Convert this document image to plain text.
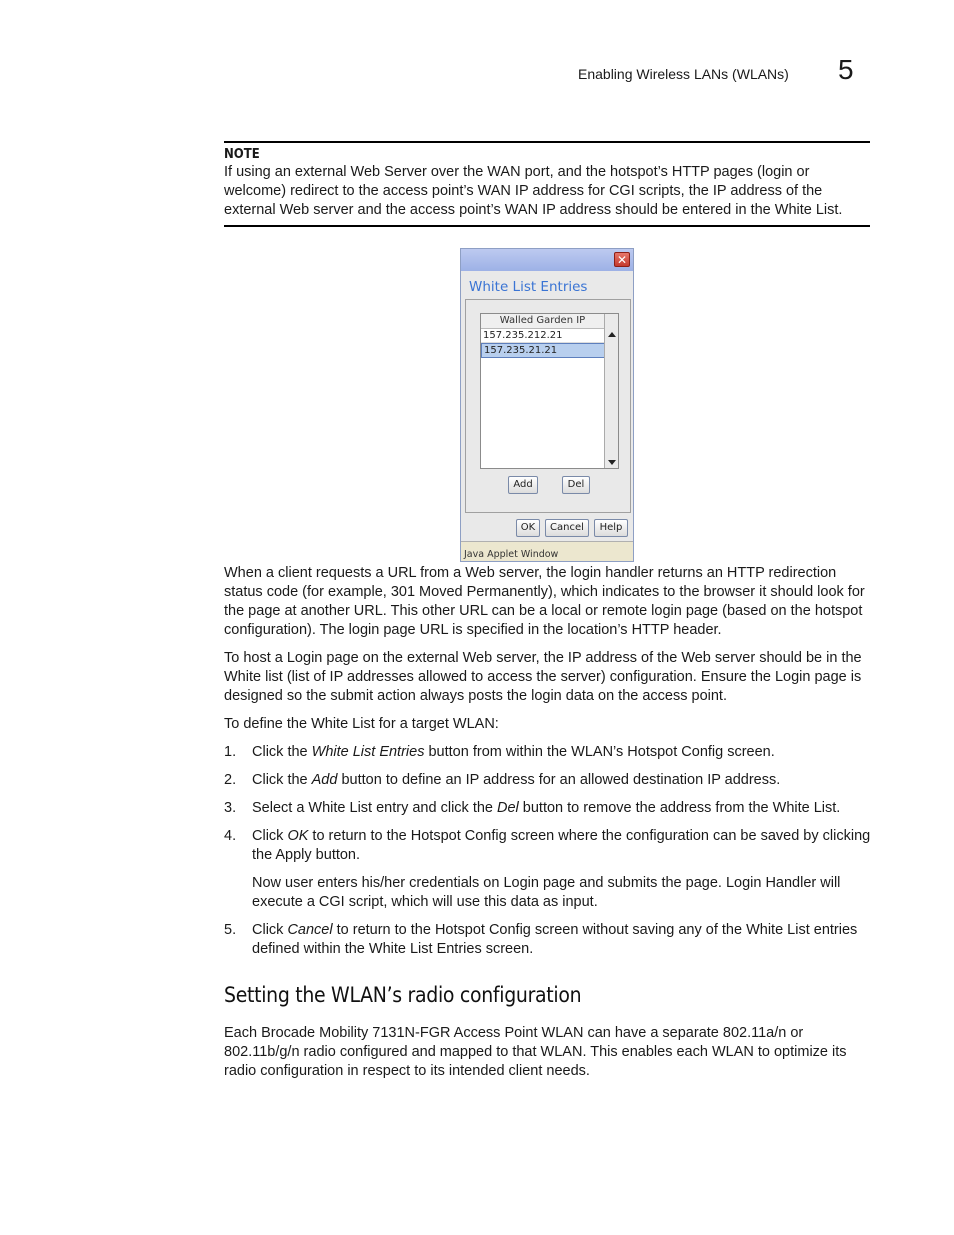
Enabling Wireless LANs (WLANs) 5
NOTE
If using an external Web Server over the WAN port, and the hotspot’s HTTP pages (login or welcome) redirect to the access point’s WAN IP address for CGI scripts, the IP address of the external Web server and the access point’s WAN IP address should be entered in the White List.
✕
White List Entries
Walled Garden IP
157.235.212.21
157.235.21.21
Add	Del
OK	Cancel	Help
Java Applet Window

When a client requests a URL from a Web server, the login handler returns an HTTP redirection status code (for example, 301 Moved Permanently), which indicates to the browser it should look for the page at another URL. This other URL can be a local or remote login page (based on the hotspot configuration). The login page URL is specified in the location’s HTTP header.

To host a Login page on the external Web server, the IP address of the Web server should be in the White list (list of IP addresses allowed to access the server) configuration. Ensure the Login page is designed so the submit action always posts the login data on the access point.

To define the White List for a target WLAN:

1. Click the White List Entries button from within the WLAN’s Hotspot Config screen.
2. Click the Add button to define an IP address for an allowed destination IP address.
3. Select a White List entry and click the Del button to remove the address from the White List.
4. Click OK to return to the Hotspot Config screen where the configuration can be saved by clicking the Apply button.
Now user enters his/her credentials on Login page and submits the page. Login Handler will execute a CGI script, which will use this data as input.
5. Click Cancel to return to the Hotspot Config screen without saving any of the White List entries defined within the White List Entries screen.
Setting the WLAN’s radio configuration

Each Brocade Mobility 7131N-FGR Access Point WLAN can have a separate 802.11a/n or 802.11b/g/n radio configured and mapped to that WLAN. This enables each WLAN to optimize its radio configuration in respect to its intended client needs.
